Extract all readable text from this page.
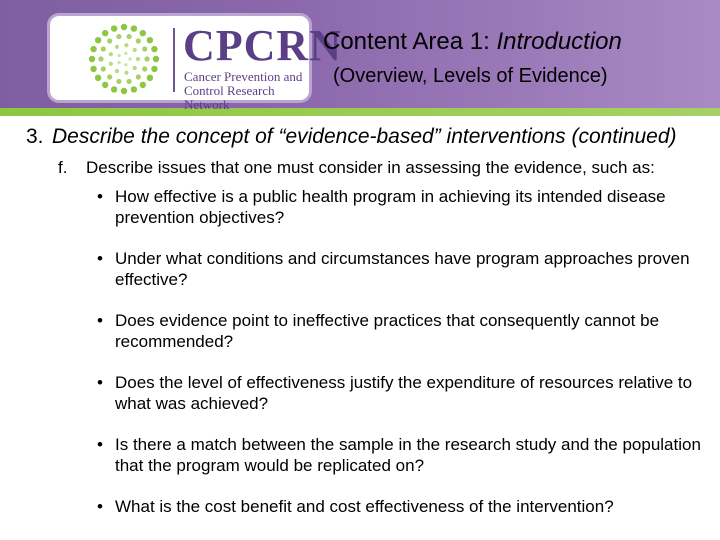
CPCRN
Cancer Prevention and Control Research Network
Content Area 1: Introduction
(Overview, Levels of Evidence)
3. Describe the concept of “evidence-based” interventions (continued)
f. Describe issues that one must consider in assessing the evidence, such as:
• How effective is a public health program in achieving its intended disease prevention objectives?
• Under what conditions and circumstances have program approaches proven effective?
• Does evidence point to ineffective practices that consequently cannot be recommended?
• Does the level of effectiveness justify the expenditure of resources relative to what was achieved?
• Is there a match between the sample in the research study and the population that the program would be replicated on?
• What is the cost benefit and cost effectiveness of the intervention?
